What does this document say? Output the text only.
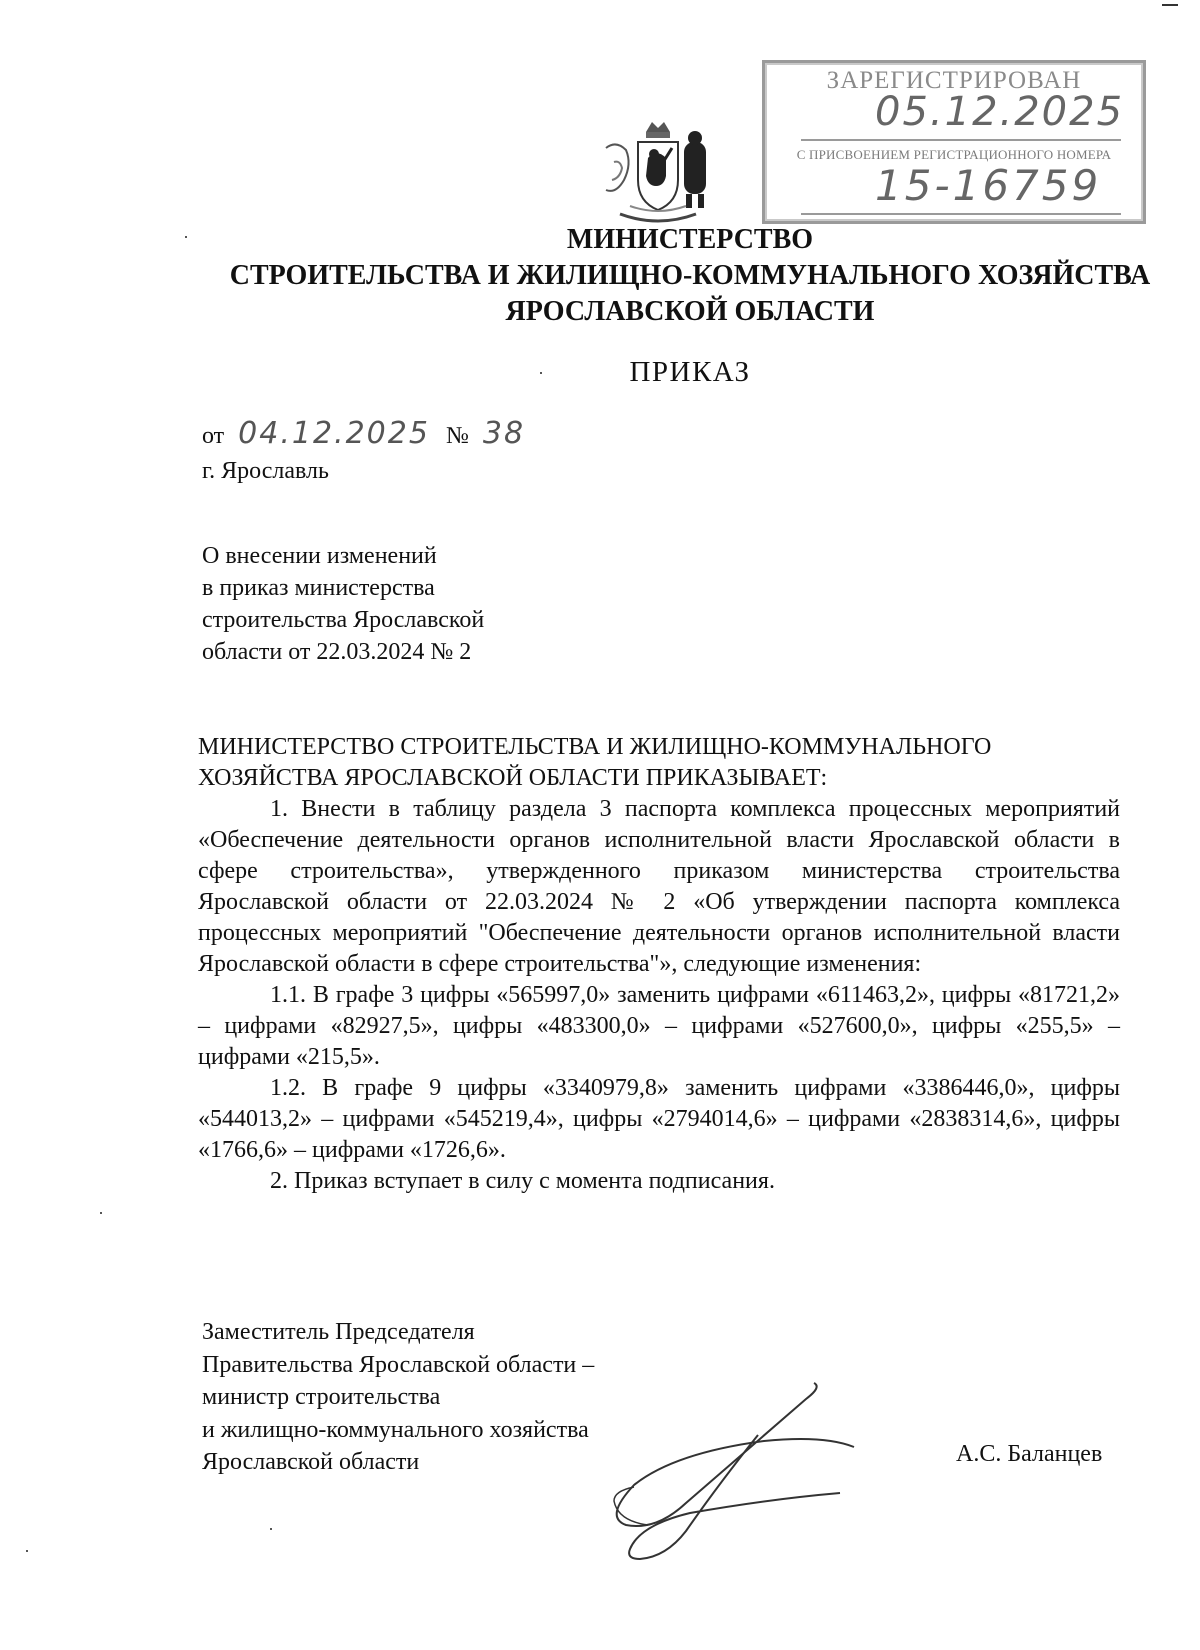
ЗАРЕГИСТРИРОВАН
05.12.2025
С ПРИСВОЕНИЕМ РЕГИСТРАЦИОННОГО НОМЕРА
15-16759
МИНИСТЕРСТВО
СТРОИТЕЛЬСТВА И ЖИЛИЩНО-КОММУНАЛЬНОГО ХОЗЯЙСТВА
ЯРОСЛАВСКОЙ ОБЛАСТИ
ПРИКАЗ
от 04.12.2025 № 38
г. Ярославль
О внесении изменений
в приказ министерства
строительства Ярославской
области от 22.03.2024 № 2

МИНИСТЕРСТВО СТРОИТЕЛЬСТВА И ЖИЛИЩНО-КОММУНАЛЬНОГО ХОЗЯЙСТВА ЯРОСЛАВСКОЙ ОБЛАСТИ ПРИКАЗЫВАЕТ:

1. Внести в таблицу раздела 3 паспорта комплекса процессных мероприятий «Обеспечение деятельности органов исполнительной власти Ярославской области в сфере строительства», утвержденного приказом министерства строительства Ярославской области от 22.03.2024 № 2 «Об утверждении паспорта комплекса процессных мероприятий "Обеспечение деятельности органов исполнительной власти Ярославской области в сфере строительства"», следующие изменения:

1.1. В графе 3 цифры «565997,0» заменить цифрами «611463,2», цифры «81721,2» – цифрами «82927,5», цифры «483300,0» – цифрами «527600,0», цифры «255,5» – цифрами «215,5».

1.2. В графе 9 цифры «3340979,8» заменить цифрами «3386446,0», цифры «544013,2» – цифрами «545219,4», цифры «2794014,6» – цифрами «2838314,6», цифры «1766,6» – цифрами «1726,6».

2. Приказ вступает в силу с момента подписания.

Заместитель Председателя
Правительства Ярославской области –
министр строительства
и жилищно-коммунального хозяйства
Ярославской области	А.С. Баланцев
